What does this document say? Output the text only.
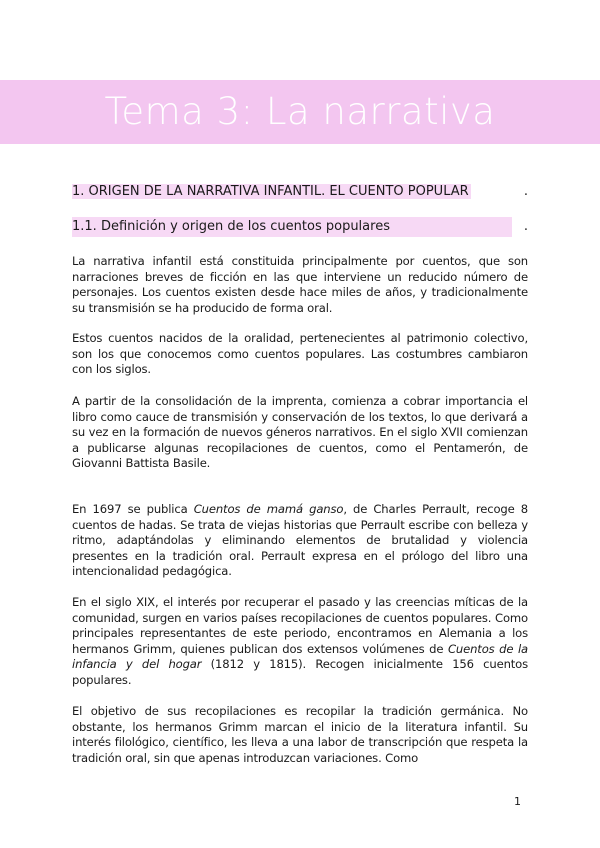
Tema 3: La narrativa
1. ORIGEN DE LA NARRATIVA INFANTIL. EL CUENTO POPULAR	.
1.1. Definición y origen de los cuentos populares	.

La narrativa infantil está constituida principalmente por cuentos, que son narraciones breves de ficción en las que interviene un reducido número de personajes. Los cuentos existen desde hace miles de años, y tradicionalmente su transmisión se ha producido de forma oral.

Estos cuentos nacidos de la oralidad, pertenecientes al patrimonio colectivo, son los que conocemos como cuentos populares. Las costumbres cambiaron con los siglos.

A partir de la consolidación de la imprenta, comienza a cobrar importancia el libro como cauce de transmisión y conservación de los textos, lo que derivará a su vez en la formación de nuevos géneros narrativos. En el siglo XVII comienzan a publicarse algunas recopilaciones de cuentos, como el Pentamerón, de Giovanni Battista Basile.

En 1697 se publica Cuentos de mamá ganso, de Charles Perrault, recoge 8 cuentos de hadas. Se trata de viejas historias que Perrault escribe con belleza y ritmo, adaptándolas y eliminando elementos de brutalidad y violencia presentes en la tradición oral. Perrault expresa en el prólogo del libro una intencionalidad pedagógica.

En el siglo XIX, el interés por recuperar el pasado y las creencias míticas de la comunidad, surgen en varios países recopilaciones de cuentos populares. Como principales representantes de este periodo, encontramos en Alemania a los hermanos Grimm, quienes publican dos extensos volúmenes de Cuentos de la infancia y del hogar (1812 y 1815). Recogen inicialmente 156 cuentos populares.

El objetivo de sus recopilaciones es recopilar la tradición germánica. No obstante, los hermanos Grimm marcan el inicio de la literatura infantil. Su interés filológico, científico, les lleva a una labor de transcripción que respeta la tradición oral, sin que apenas introduzcan variaciones. Como

1
